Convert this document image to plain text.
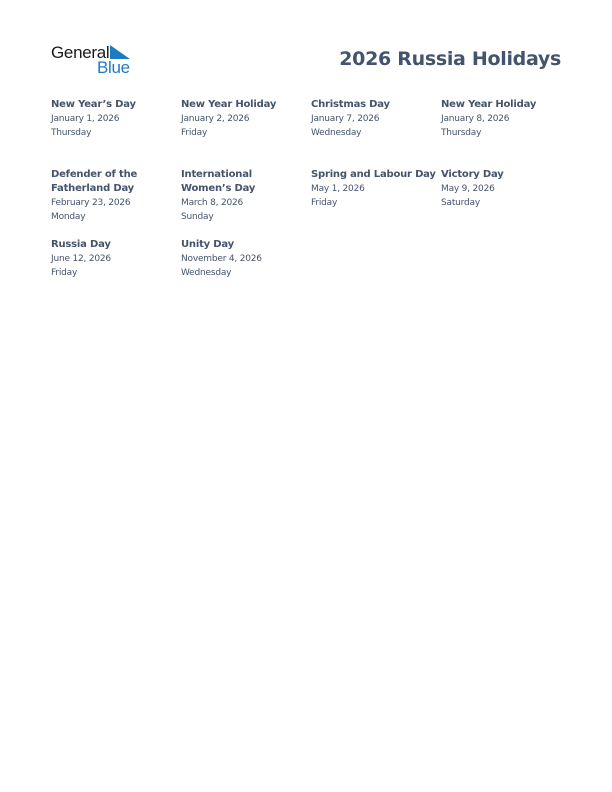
General
Blue	2026 Russia Holidays
New Year’s Day
January 1, 2026
Thursday
New Year Holiday
January 2, 2026
Friday
Christmas Day
January 7, 2026
Wednesday
New Year Holiday
January 8, 2026
Thursday
Defender of the Fatherland Day
February 23, 2026
Monday
International Women’s Day
March 8, 2026
Sunday
Spring and Labour Day
May 1, 2026
Friday
Victory Day
May 9, 2026
Saturday
Russia Day
June 12, 2026
Friday
Unity Day
November 4, 2026
Wednesday
